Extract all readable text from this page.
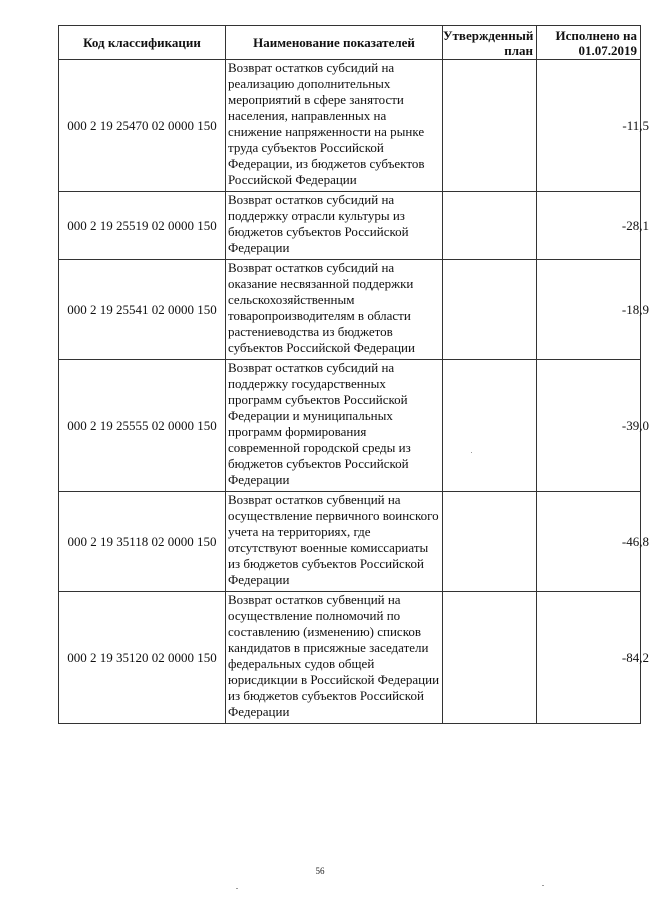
Код классификации	Наименование показателей	Утвержденный план	Исполнено на 01.07.2019
000 2 19 25470 02 0000 150	Возврат остатков субсидий на реализацию дополнительных мероприятий в сфере занятости населения, направленных на снижение напряженности на рынке труда субъектов Российской Федерации, из бюджетов субъектов Российской Федерации		-11,5
000 2 19 25519 02 0000 150	Возврат остатков субсидий на поддержку отрасли культуры из бюджетов субъектов Российской Федерации		-28,1
000 2 19 25541 02 0000 150	Возврат остатков субсидий на оказание несвязанной поддержки сельскохозяйственным товаропроизводителям в области растениеводства из бюджетов субъектов Российской Федерации		-18,9
000 2 19 25555 02 0000 150	Возврат остатков субсидий на поддержку государственных программ субъектов Российской Федерации и муниципальных программ формирования современной городской среды из бюджетов субъектов Российской Федерации		-39,0
000 2 19 35118 02 0000 150	Возврат остатков субвенций на осуществление первичного воинского учета на территориях, где отсутствуют военные комиссариаты из бюджетов субъектов Российской Федерации		-46,8
000 2 19 35120 02 0000 150	Возврат остатков субвенций на осуществление полномочий по составлению (изменению) списков кандидатов в присяжные заседатели федеральных судов общей юрисдикции в Российской Федерации из бюджетов субъектов Российской Федерации		-84,2
56
